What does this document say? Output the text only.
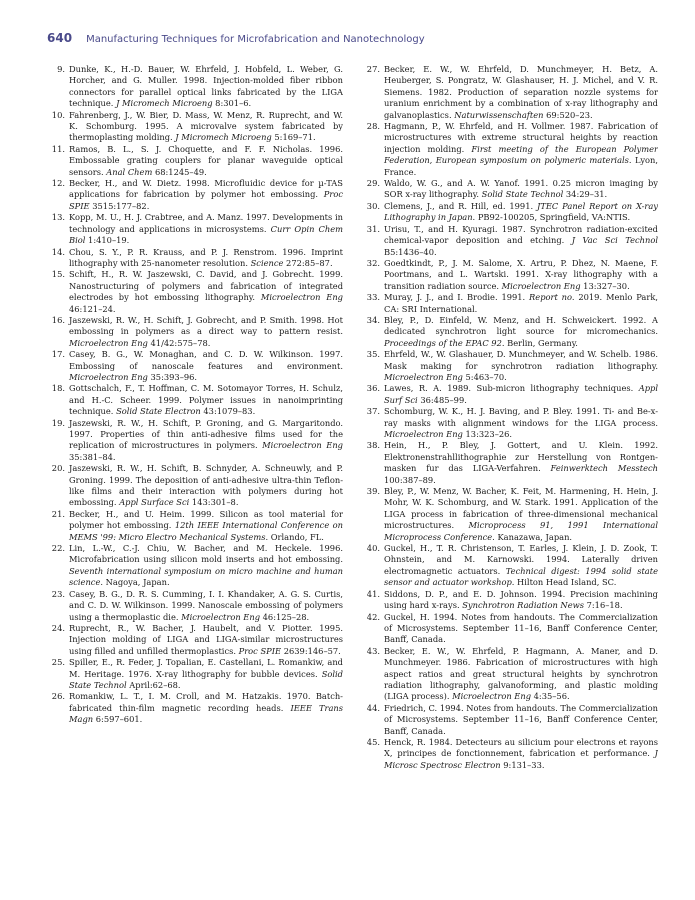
640 Manufacturing Techniques for Microfabrication and Nanotechnology
9. Dunke, K., H.-D. Bauer, W. Ehrfeld, J. Hobfeld, L. Weber, G. Horcher, and G. Muller. 1998. Injection-molded fiber ribbon connectors for parallel optical links fabricated by the LIGA technique. J Micromech Microeng 8:301–6.
10. Fahrenberg, J., W. Bier, D. Mass, W. Menz, R. Ruprecht, and W. K. Schomburg. 1995. A microvalve system fabricated by thermoplasting molding. J Micromech Microeng 5:169–71.
11. Ramos, B. L., S. J. Choquette, and F. F. Nicholas. 1996. Embossable grating couplers for planar waveguide optical sensors. Anal Chem 68:1245–49.
12. Becker, H., and W. Dietz. 1998. Microfluidic device for µ-TAS applications for fabrication by polymer hot embossing. Proc SPIE 3515:177–82.
13. Kopp, M. U., H. J. Crabtree, and A. Manz. 1997. Developments in technology and applications in microsystems. Curr Opin Chem Biol 1:410–19.
14. Chou, S. Y., P. R. Krauss, and P. J. Renstrom. 1996. Imprint lithography with 25-nanometer resolution. Science 272:85–87.
15. Schift, H., R. W. Jaszewski, C. David, and J. Gobrecht. 1999. Nanostructuring of polymers and fabrication of integrated electrodes by hot embossing lithography. Microelectron Eng 46:121–24.
16. Jaszewski, R. W., H. Schift, J. Gobrecht, and P. Smith. 1998. Hot embossing in polymers as a direct way to pattern resist. Microelectron Eng 41/42:575–78.
17. Casey, B. G., W. Monaghan, and C. D. W. Wilkinson. 1997. Embossing of nanoscale features and environment. Microelectron Eng 35:393–96.
18. Gottschalch, F., T. Hoffman, C. M. Sotomayor Torres, H. Schulz, and H.-C. Scheer. 1999. Polymer issues in nanoimprinting technique. Solid State Electron 43:1079–83.
19. Jaszewski, R. W., H. Schift, P. Groning, and G. Margaritondo. 1997. Properties of thin anti-adhesive films used for the replication of microstructures in polymers. Microelectron Eng 35:381–84.
20. Jaszewski, R. W., H. Schift, B. Schnyder, A. Schneuwly, and P. Groning. 1999. The deposition of anti-adhesive ultra-thin Teflon-like films and their interaction with polymers during hot embossing. Appl Surface Sci 143:301–8.
21. Becker, H., and U. Heim. 1999. Silicon as tool material for polymer hot embossing. 12th IEEE International Conference on MEMS '99: Micro Electro Mechanical Systems. Orlando, FL.
22. Lin, L.-W., C.-J. Chiu, W. Bacher, and M. Heckele. 1996. Microfabrication using silicon mold inserts and hot embossing. Seventh international symposium on micro machine and human science. Nagoya, Japan.
23. Casey, B. G., D. R. S. Cumming, I. I. Khandaker, A. G. S. Curtis, and C. D. W. Wilkinson. 1999. Nanoscale embossing of polymers using a thermoplastic die. Microelectron Eng 46:125–28.
24. Ruprecht, R., W. Bacher, J. Haubelt, and V. Piotter. 1995. Injection molding of LIGA and LIGA-similar microstructures using filled and unfilled thermoplastics. Proc SPIE 2639:146–57.
25. Spiller, E., R. Feder, J. Topalian, E. Castellani, L. Romankiw, and M. Heritage. 1976. X-ray lithography for bubble devices. Solid State Technol April:62–68.
26. Romankiw, L. T., I. M. Croll, and M. Hatzakis. 1970. Batch-fabricated thin-film magnetic recording heads. IEEE Trans Magn 6:597–601.
27. Becker, E. W., W. Ehrfeld, D. Munchmeyer, H. Betz, A. Heuberger, S. Pongratz, W. Glashauser, H. J. Michel, and V. R. Siemens. 1982. Production of separation nozzle systems for uranium enrichment by a combination of x-ray lithography and galvanoplastics. Naturwissenschaften 69:520–23.
28. Hagmann, P., W. Ehrfeld, and H. Vollmer. 1987. Fabrication of microstructures with extreme structural heights by reaction injection molding. First meeting of the European Polymer Federation, European symposium on polymeric materials. Lyon, France.
29. Waldo, W. G., and A. W. Yanof. 1991. 0.25 micron imaging by SOR x-ray lithography. Solid State Technol 34:29–31.
30. Clemens, J., and R. Hill, ed. 1991. JTEC Panel Report on X-ray Lithography in Japan. PB92-100205, Springfield, VA:NTIS.
31. Urisu, T., and H. Kyuragi. 1987. Synchrotron radiation-excited chemical-vapor deposition and etching. J Vac Sci Technol B5:1436–40.
32. Goedtkindt, P., J. M. Salome, X. Artru, P. Dhez, N. Maene, F. Poortmans, and L. Wartski. 1991. X-ray lithography with a transition radiation source. Microelectron Eng 13:327–30.
33. Muray, J. J., and I. Brodie. 1991. Report no. 2019. Menlo Park, CA: SRI International.
34. Bley, P., D. Einfeld, W. Menz, and H. Schweickert. 1992. A dedicated synchrotron light source for micromechanics. Proceedings of the EPAC 92. Berlin, Germany.
35. Ehrfeld, W., W. Glashauer, D. Munchmeyer, and W. Schelb. 1986. Mask making for synchrotron radiation lithography. Microelectron Eng 5:463–70.
36. Lawes, R. A. 1989. Sub-micron lithography techniques. Appl Surf Sci 36:485–99.
37. Schomburg, W. K., H. J. Baving, and P. Bley. 1991. Ti- and Be-x-ray masks with alignment windows for the LIGA process. Microelectron Eng 13:323–26.
38. Hein, H., P. Bley, J. Gottert, and U. Klein. 1992. Elektronenstrahllithographie zur Herstellung von Rontgen-masken fur das LIGA-Verfahren. Feinwerktech Messtech 100:387–89.
39. Bley, P., W. Menz, W. Bacher, K. Feit, M. Harmening, H. Hein, J. Mohr, W. K. Schomburg, and W. Stark. 1991. Application of the LIGA process in fabrication of three-dimensional mechanical microstructures. Microprocess 91, 1991 International Microprocess Conference. Kanazawa, Japan.
40. Guckel, H., T. R. Christenson, T. Earles, J. Klein, J. D. Zook, T. Ohnstein, and M. Karnowski. 1994. Laterally driven electromagnetic actuators. Technical digest: 1994 solid state sensor and actuator workshop. Hilton Head Island, SC.
41. Siddons, D. P., and E. D. Johnson. 1994. Precision machining using hard x-rays. Synchrotron Radiation News 7:16–18.
42. Guckel, H. 1994. Notes from handouts. The Commercialization of Microsystems. September 11–16, Banff Conference Center, Banff, Canada.
43. Becker, E. W., W. Ehrfeld, P. Hagmann, A. Maner, and D. Munchmeyer. 1986. Fabrication of microstructures with high aspect ratios and great structural heights by synchrotron radiation lithography, galvanoforming, and plastic molding (LIGA process). Microelectron Eng 4:35–56.
44. Friedrich, C. 1994. Notes from handouts. The Commercialization of Microsystems. September 11–16, Banff Conference Center, Banff, Canada.
45. Henck, R. 1984. Detecteurs au silicium pour electrons et rayons X, principes de fonctionnement, fabrication et performance. J Microsc Spectrosc Electron 9:131–33.
